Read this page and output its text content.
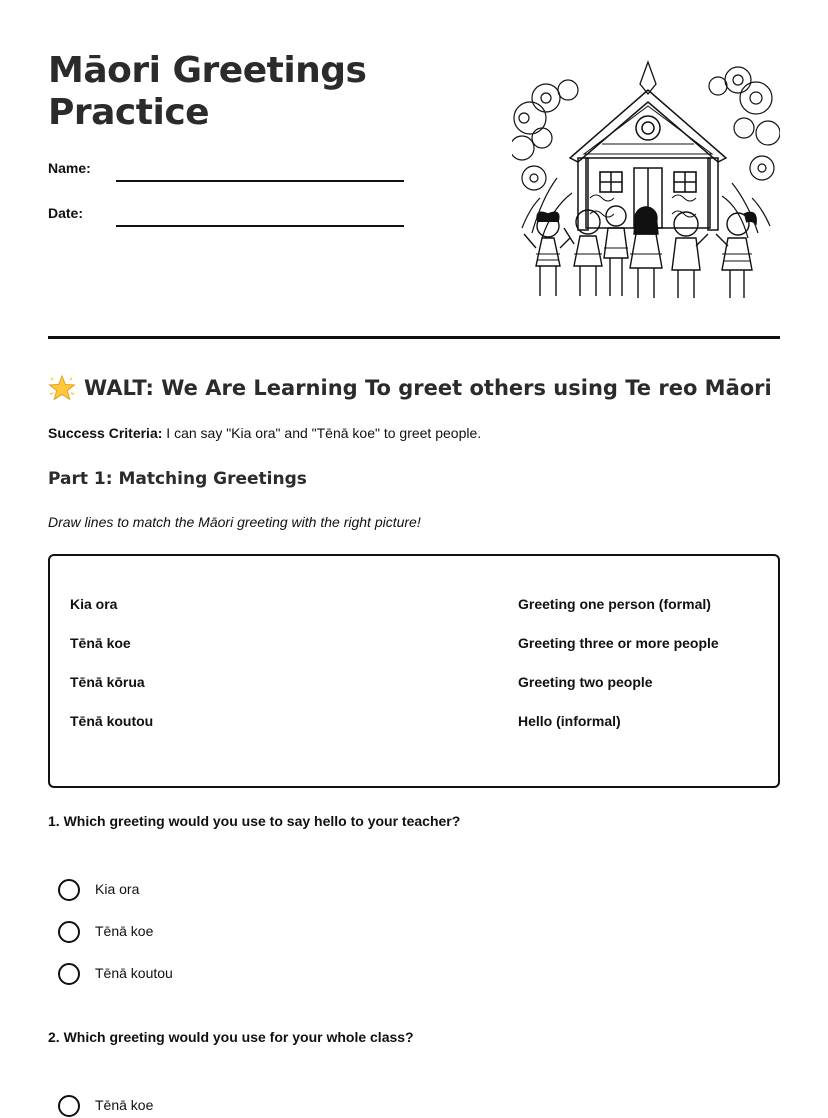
Māori Greetings Practice
Name:
Date:
WALT: We Are Learning To greet others using Te reo Māori
Success Criteria: I can say "Kia ora" and "Tēnā koe" to greet people.
Part 1: Matching Greetings
Draw lines to match the Māori greeting with the right picture!
Kia ora
Tēnā koe
Tēnā kōrua
Tēnā koutou
Greeting one person (formal)
Greeting three or more people
Greeting two people
Hello (informal)
1. Which greeting would you use to say hello to your teacher?
Kia ora
Tēnā koe
Tēnā koutou
2. Which greeting would you use for your whole class?
Tēnā koe
